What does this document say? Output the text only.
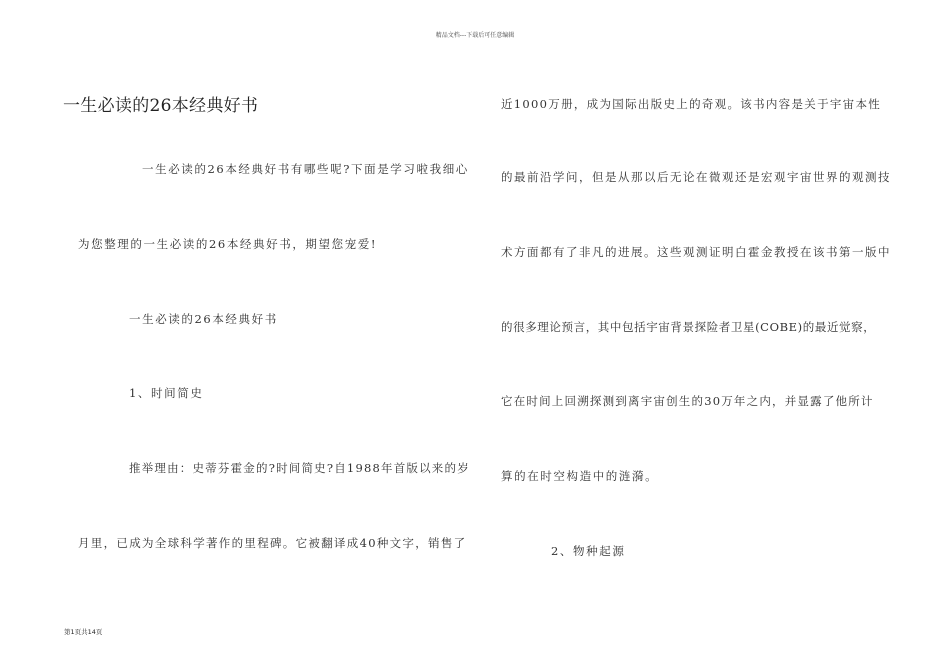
精品文档---下载后可任意编辑
一生必读的26本经典好书
一生必读的26本经典好书有哪些呢?下面是学习啦我细心
为您整理的一生必读的26本经典好书，期望您宠爱!
一生必读的26本经典好书
1、时间简史
推举理由：史蒂芬霍金的?时间简史?自1988年首版以来的岁
月里，已成为全球科学著作的里程碑。它被翻译成40种文字，销售了
近1000万册，成为国际出版史上的奇观。该书内容是关于宇宙本性
的最前沿学问，但是从那以后无论在微观还是宏观宇宙世界的观测技
术方面都有了非凡的进展。这些观测证明白霍金教授在该书第一版中
的很多理论预言，其中包括宇宙背景探险者卫星(COBE)的最近觉察，
它在时间上回溯探测到离宇宙创生的30万年之内，并显露了他所计
算的在时空构造中的涟漪。
2、物种起源
第1页共14页
